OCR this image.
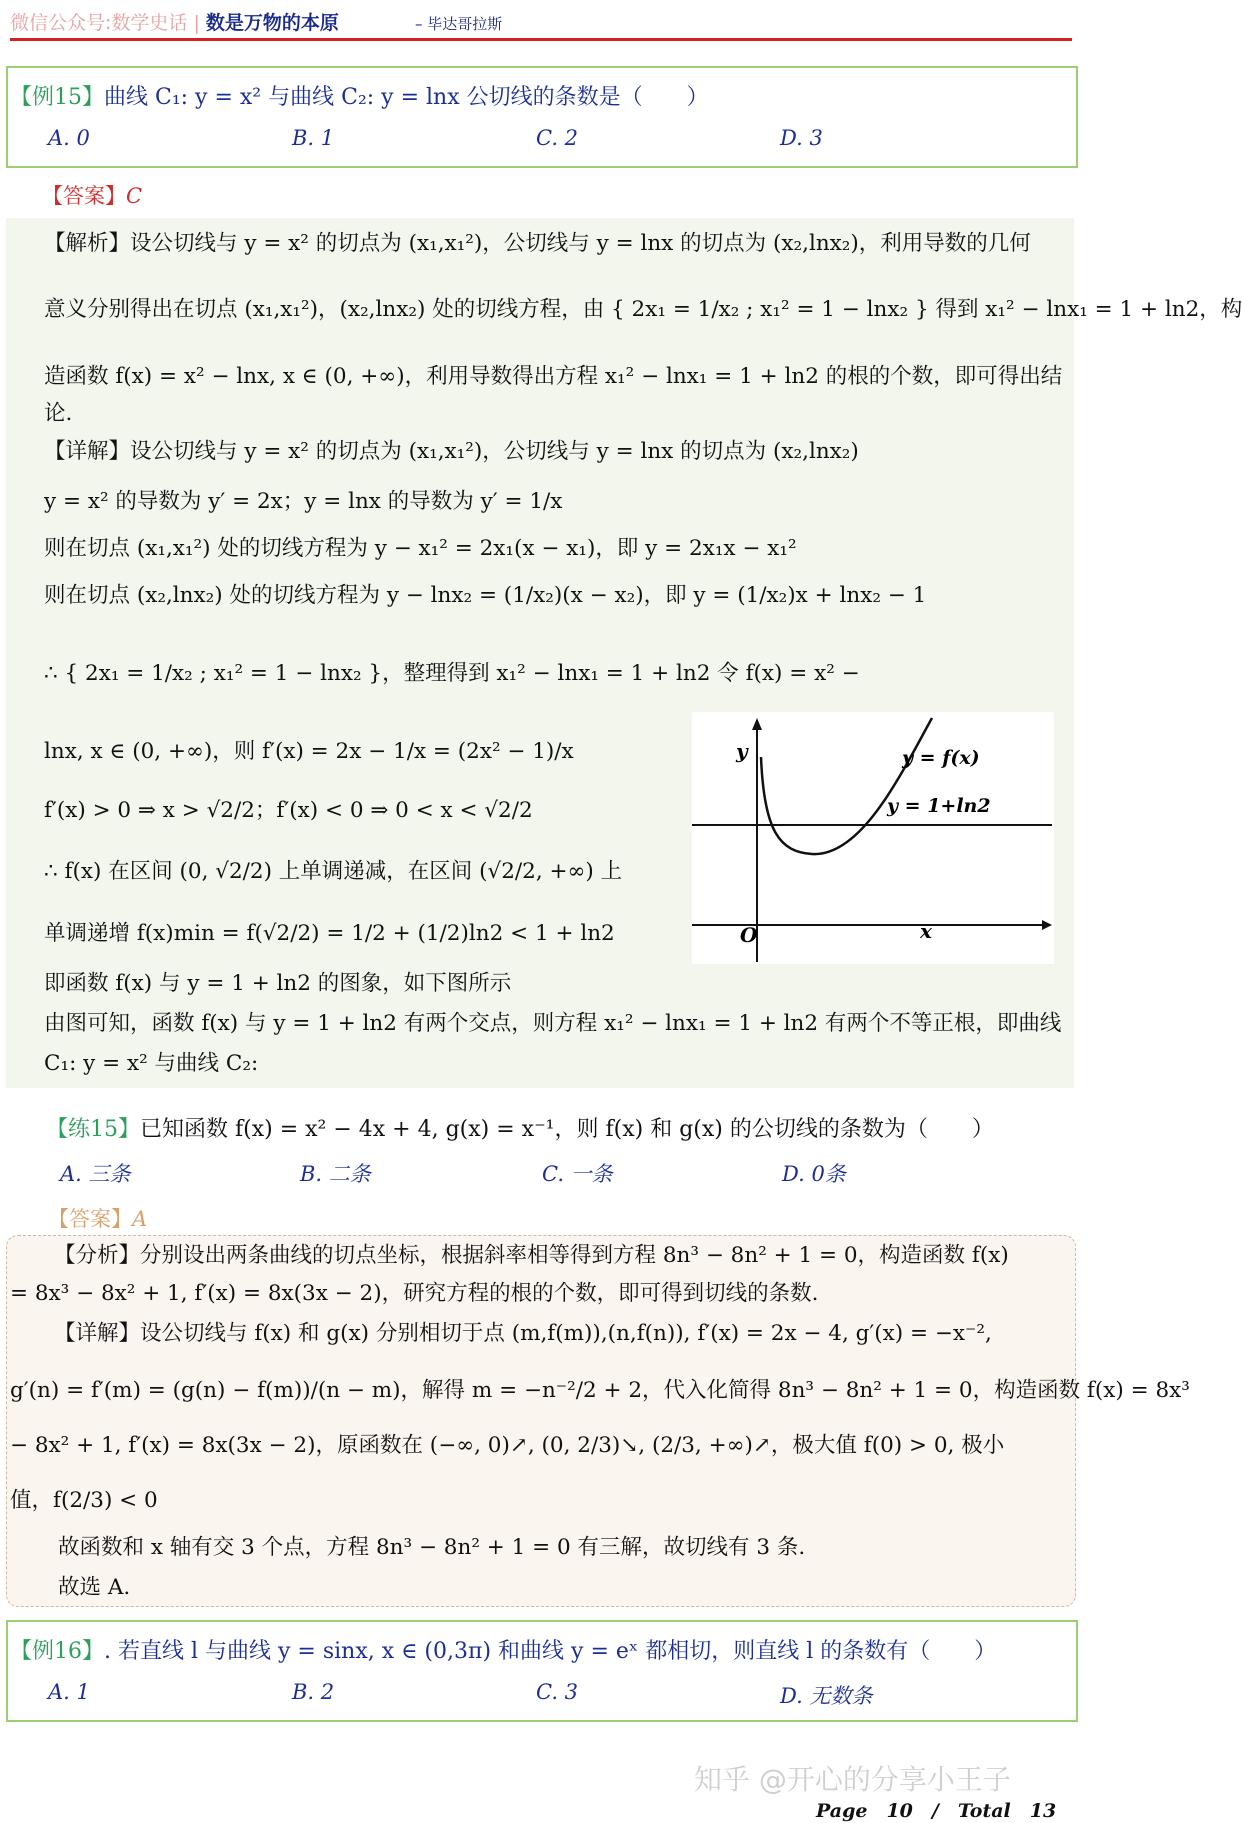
微信公众号:数学史话 | 数是万物的本原	– 毕达哥拉斯
【例15】曲线 C₁: y = x² 与曲线 C₂: y = lnx 公切线的条数是（　　）
A. 0	B. 1	C. 2	D. 3
【答案】C
【解析】设公切线与 y = x² 的切点为 (x₁,x₁²)，公切线与 y = lnx 的切点为 (x₂,lnx₂)，利用导数的几何
意义分别得出在切点 (x₁,x₁²)，(x₂,lnx₂) 处的切线方程，由 { 2x₁ = 1/x₂ ; x₁² = 1 − lnx₂ } 得到 x₁² − lnx₁ = 1 + ln2，构
造函数 f(x) = x² − lnx, x ∈ (0, +∞)，利用导数得出方程 x₁² − lnx₁ = 1 + ln2 的根的个数，即可得出结
论.
【详解】设公切线与 y = x² 的切点为 (x₁,x₁²)，公切线与 y = lnx 的切点为 (x₂,lnx₂)
y = x² 的导数为 y′ = 2x；y = lnx 的导数为 y′ = 1/x
则在切点 (x₁,x₁²) 处的切线方程为 y − x₁² = 2x₁(x − x₁)，即 y = 2x₁x − x₁²
则在切点 (x₂,lnx₂) 处的切线方程为 y − lnx₂ = (1/x₂)(x − x₂)，即 y = (1/x₂)x + lnx₂ − 1
∴ { 2x₁ = 1/x₂ ; x₁² = 1 − lnx₂ }，整理得到 x₁² − lnx₁ = 1 + ln2 令 f(x) = x² −
lnx, x ∈ (0, +∞)，则 f′(x) = 2x − 1/x = (2x² − 1)/x
f′(x) > 0 ⇒ x > √2/2；f′(x) < 0 ⇒ 0 < x < √2/2
∴ f(x) 在区间 (0, √2/2) 上单调递减，在区间 (√2/2, +∞) 上
单调递增 f(x)min = f(√2/2) = 1/2 + (1/2)ln2 < 1 + ln2
即函数 f(x) 与 y = 1 + ln2 的图象，如下图所示
由图可知，函数 f(x) 与 y = 1 + ln2 有两个交点，则方程 x₁² − lnx₁ = 1 + ln2 有两个不等正根，即曲线
C₁: y = x² 与曲线 C₂:
y
x
O
y = f(x)
y = 1+ln2
【练15】已知函数 f(x) = x² − 4x + 4, g(x) = x⁻¹，则 f(x) 和 g(x) 的公切线的条数为（　　）
A. 三条	B. 二条	C. 一条	D. 0条
【答案】A
【分析】分别设出两条曲线的切点坐标，根据斜率相等得到方程 8n³ − 8n² + 1 = 0，构造函数 f(x)
= 8x³ − 8x² + 1, f′(x) = 8x(3x − 2)，研究方程的根的个数，即可得到切线的条数.
【详解】设公切线与 f(x) 和 g(x) 分别相切于点 (m,f(m)),(n,f(n)), f′(x) = 2x − 4, g′(x) = −x⁻²,
g′(n) = f′(m) = (g(n) − f(m))/(n − m)，解得 m = −n⁻²/2 + 2，代入化简得 8n³ − 8n² + 1 = 0，构造函数 f(x) = 8x³
− 8x² + 1, f′(x) = 8x(3x − 2)，原函数在 (−∞, 0)↗, (0, 2/3)↘, (2/3, +∞)↗，极大值 f(0) > 0, 极小
值，f(2/3) < 0
故函数和 x 轴有交 3 个点，方程 8n³ − 8n² + 1 = 0 有三解，故切线有 3 条.
故选 A.
【例16】. 若直线 l 与曲线 y = sinx, x ∈ (0,3π) 和曲线 y = eˣ 都相切，则直线 l 的条数有（　　）
A. 1	B. 2	C. 3	D. 无数条
知乎 @开心的分享小王子
Page　10　/　Total　13
